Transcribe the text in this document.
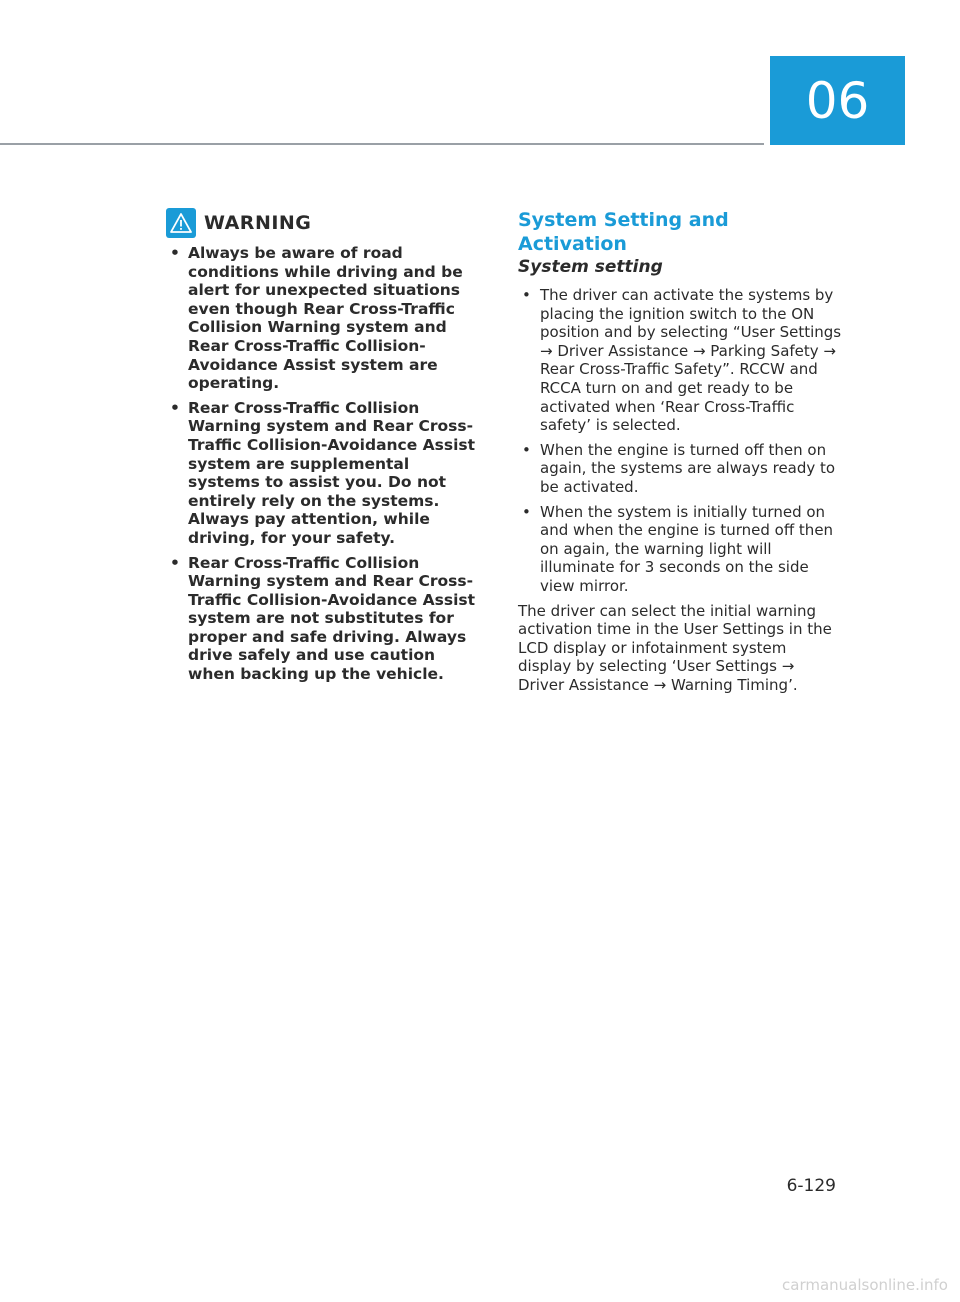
06
WARNING
• Always be aware of road conditions while driving and be alert for unexpected situations even though Rear Cross-Traffic Collision Warning system and Rear Cross-Traffic Collision-Avoidance Assist system are operating.
• Rear Cross-Traffic Collision Warning system and Rear Cross-Traffic Collision-Avoidance Assist system are supplemental systems to assist you. Do not entirely rely on the systems. Always pay attention, while driving, for your safety.
• Rear Cross-Traffic Collision Warning system and Rear Cross-Traffic Collision-Avoidance Assist system are not substitutes for proper and safe driving. Always drive safely and use caution when backing up the vehicle.
System Setting and Activation
System setting
• The driver can activate the systems by placing the ignition switch to the ON position and by selecting “User Settings → Driver Assistance → Parking Safety → Rear Cross-Traffic Safety”. RCCW and RCCA turn on and get ready to be activated when ‘Rear Cross-Traffic safety’ is selected.
• When the engine is turned off then on again, the systems are always ready to be activated.
• When the system is initially turned on and when the engine is turned off then on again, the warning light will illuminate for 3 seconds on the side view mirror.

The driver can select the initial warning activation time in the User Settings in the LCD display or infotainment system display by selecting ‘User Settings → Driver Assistance → Warning Timing’.

6-129
carmanualsonline.info
